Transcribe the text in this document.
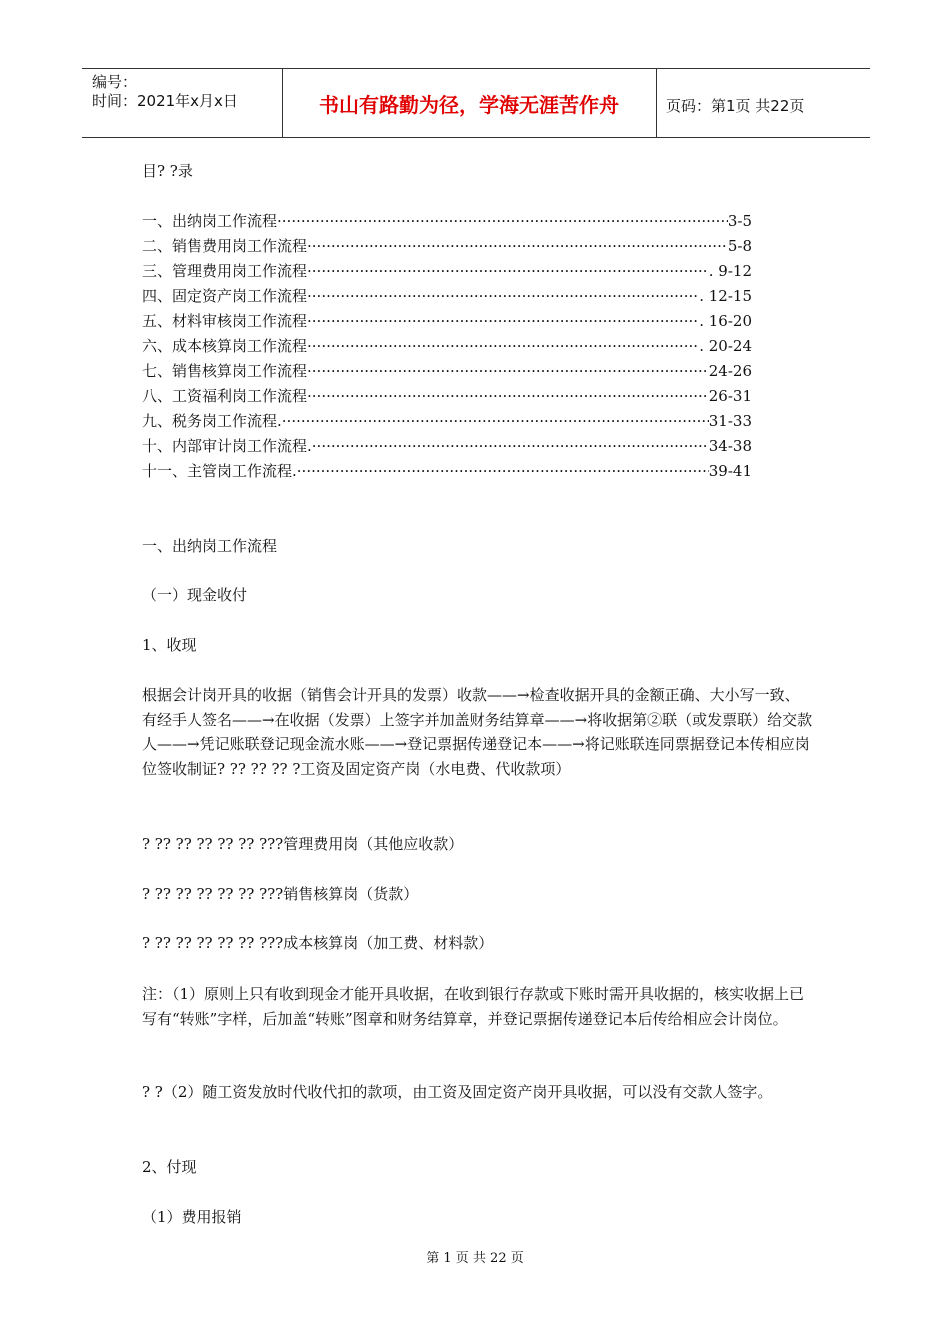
编号：
时间：2021年x月x日	书山有路勤为径，学海无涯苦作舟	页码：第1页 共22页
目? ?录
一、出纳岗工作流程 ·····	3-5
二、销售费用岗工作流程 ·····	5-8
三、管理费用岗工作流程 ·····	. 9-12
四、固定资产岗工作流程 ·····	. 12-15
五、材料审核岗工作流程 ·····	. 16-20
六、成本核算岗工作流程 ·····	. 20-24
七、销售核算岗工作流程 ·····	24-26
八、工资福利岗工作流程 ·····	26-31
九、税务岗工作流程. ·····	31-33
十、内部审计岗工作流程. ·····	34-38
十一、主管岗工作流程. ·····	39-41
一、出纳岗工作流程
（一）现金收付
1、收现
根据会计岗开具的收据（销售会计开具的发票）收款——→检查收据开具的金额正确、大小写一致、有经手人签名——→在收据（发票）上签字并加盖财务结算章——→将收据第②联（或发票联）给交款人——→凭记账联登记现金流水账——→登记票据传递登记本——→将记账联连同票据登记本传相应岗位签收制证? ?? ?? ?? ?工资及固定资产岗（水电费、代收款项）
? ?? ?? ?? ?? ?? ???管理费用岗（其他应收款）
? ?? ?? ?? ?? ?? ???销售核算岗（货款）
? ?? ?? ?? ?? ?? ???成本核算岗（加工费、材料款）
注：（1）原则上只有收到现金才能开具收据，在收到银行存款或下账时需开具收据的，核实收据上已写有“转账”字样，后加盖“转账”图章和财务结算章，并登记票据传递登记本后传给相应会计岗位。
? ?（2）随工资发放时代收代扣的款项，由工资及固定资产岗开具收据，可以没有交款人签字。
2、付现
（1）费用报销
第 1 页 共 22 页
